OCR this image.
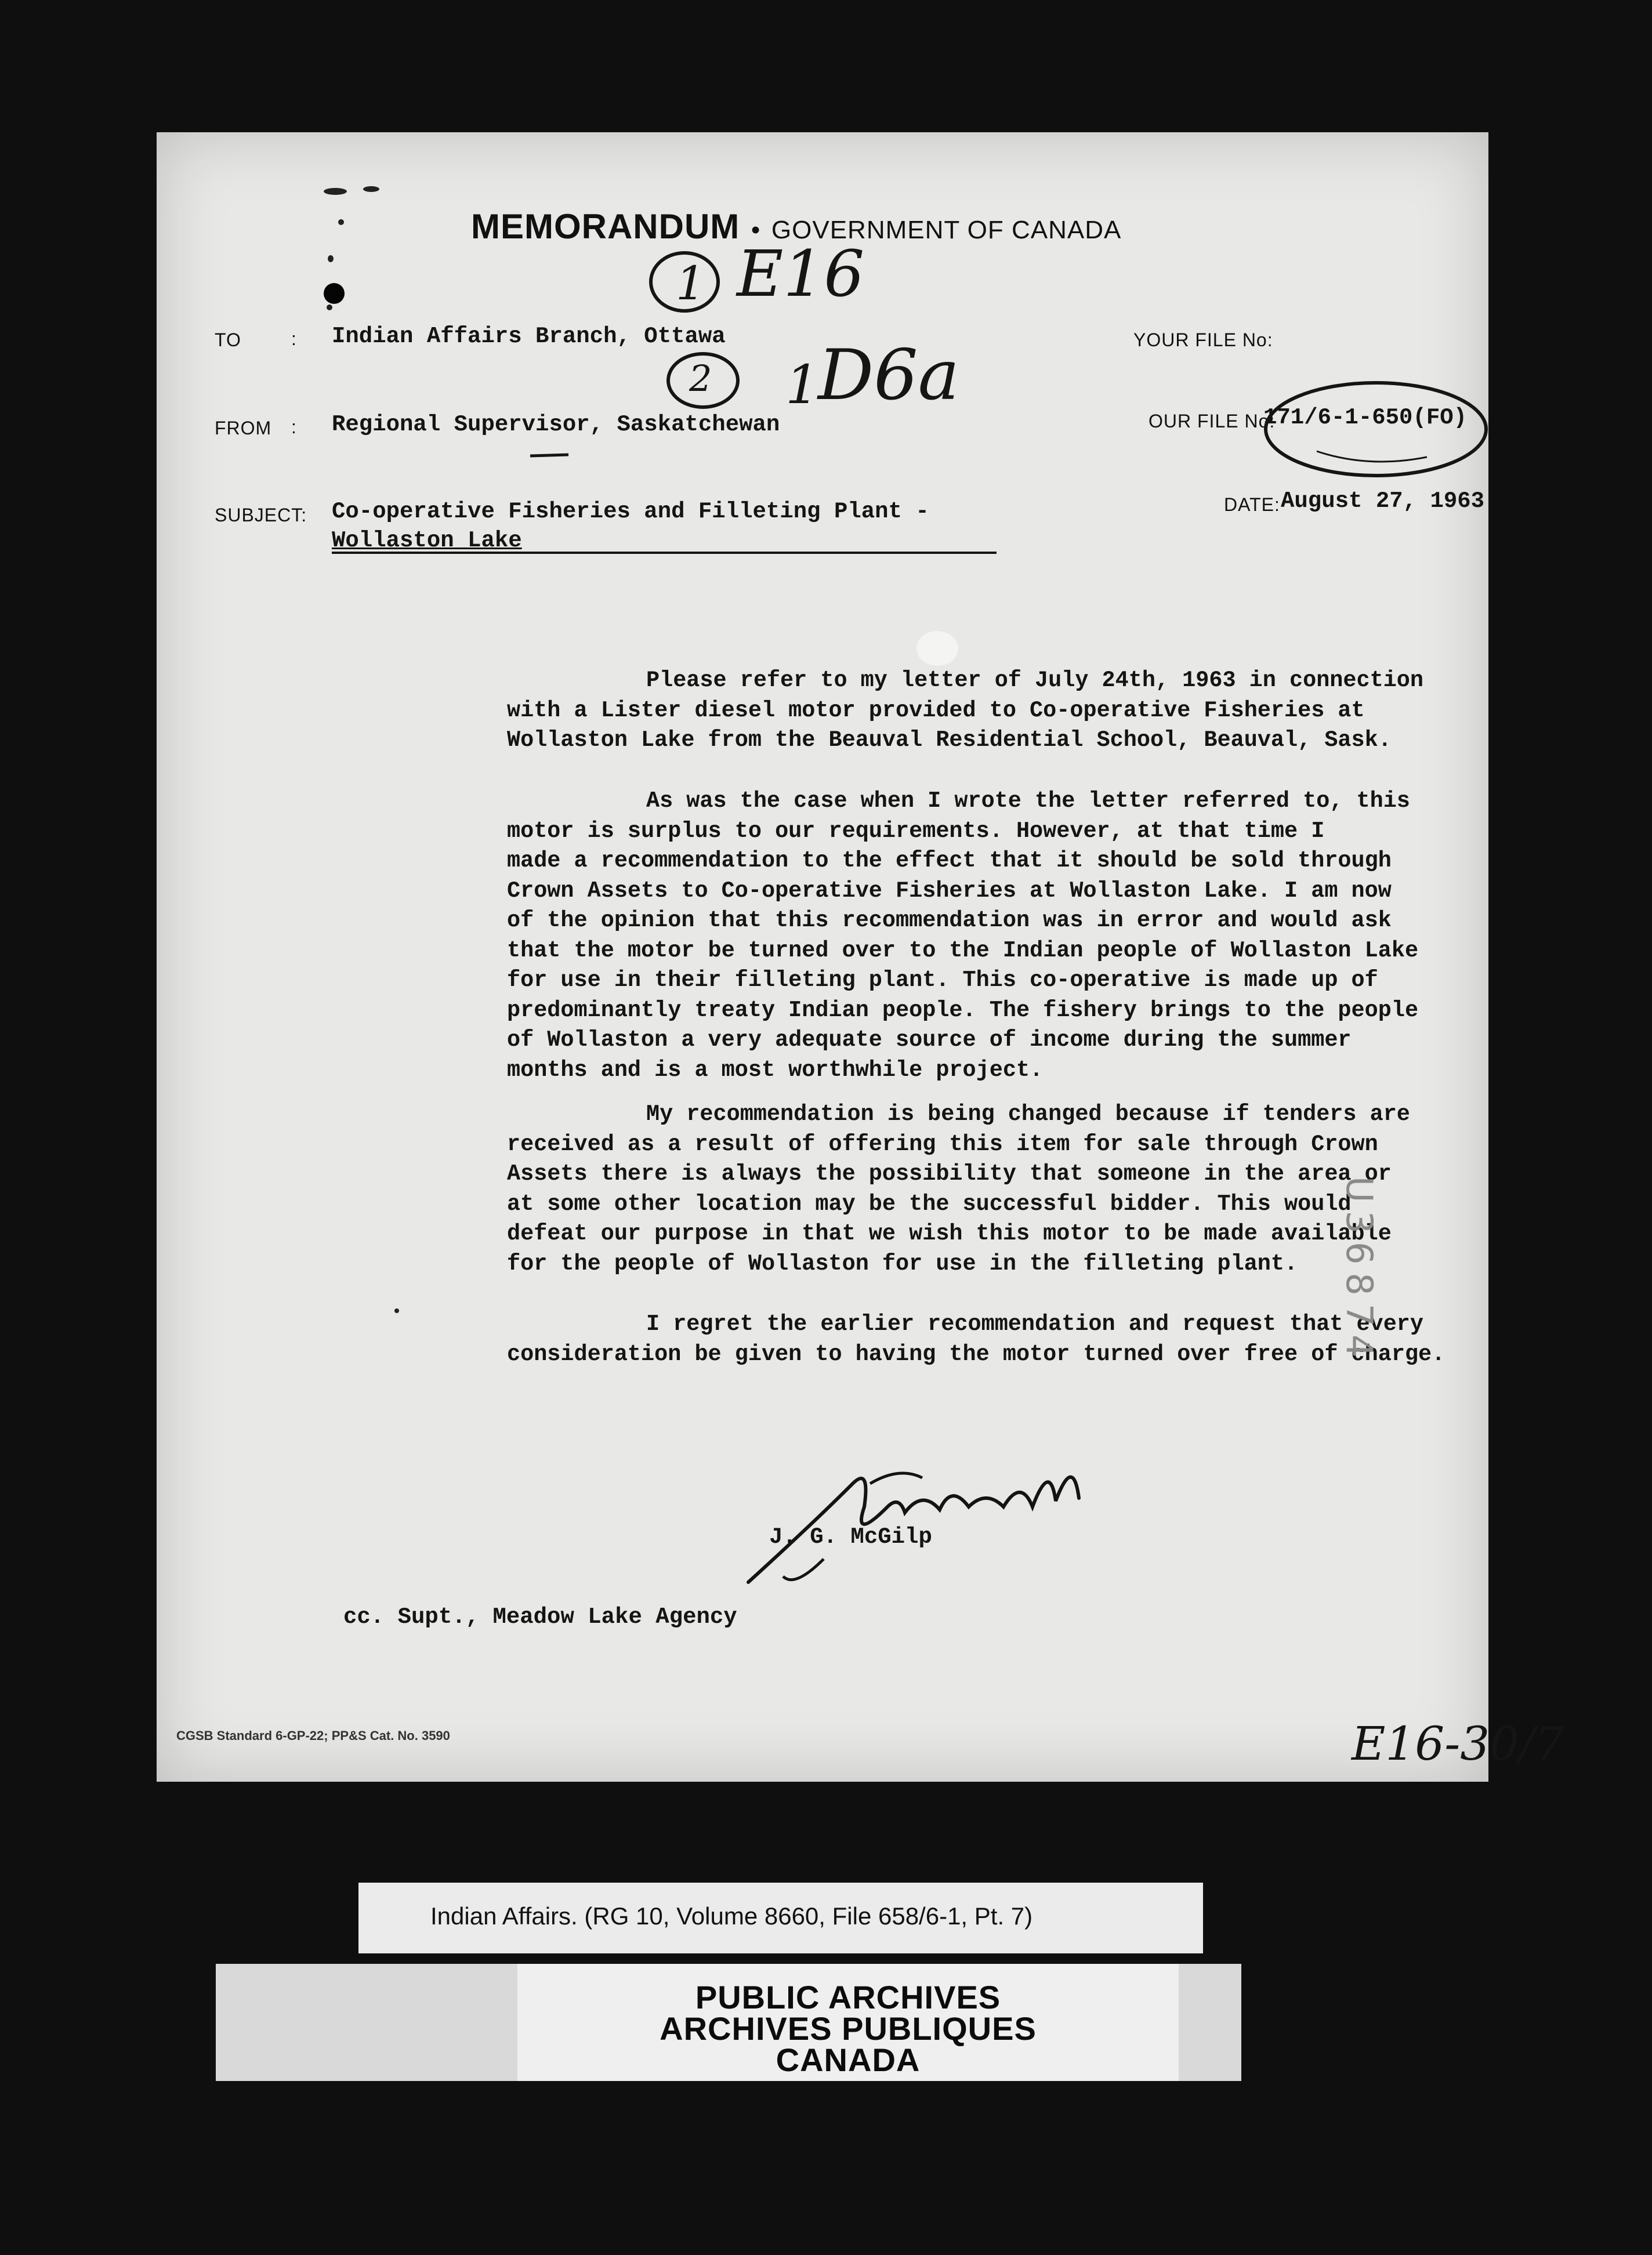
MEMORANDUM • GOVERNMENT OF CANADA
1 E16
2 1
D6a
TO	: Indian Affairs Branch, Ottawa
FROM : Regional Supervisor, Saskatchewan
SUBJECT: Co-operative Fisheries and Filleting Plant -
Wollaston Lake
YOUR FILE No:
OUR FILE No:
171/6-1-650(FO)
DATE: August 27, 1963

Please refer to my letter of July 24th, 1963 in connection
with a Lister diesel motor provided to Co-operative Fisheries at
Wollaston Lake from the Beauval Residential School, Beauval, Sask.

As was the case when I wrote the letter referred to, this
motor is surplus to our requirements. However, at that time I
made a recommendation to the effect that it should be sold through
Crown Assets to Co-operative Fisheries at Wollaston Lake. I am now
of the opinion that this recommendation was in error and would ask
that the motor be turned over to the Indian people of Wollaston Lake
for use in their filleting plant. This co-operative is made up of
predominantly treaty Indian people. The fishery brings to the people
of Wollaston a very adequate source of income during the summer
months and is a most worthwhile project.

My recommendation is being changed because if tenders are
received as a result of offering this item for sale through Crown
Assets there is always the possibility that someone in the area or
at some other location may be the successful bidder. This would
defeat our purpose in that we wish this motor to be made available
for the people of Wollaston for use in the filleting plant.

I regret the earlier recommendation and request that every
consideration be given to having the motor turned over free of charge.

U36874
J. G. McGilp
cc. Supt., Meadow Lake Agency
CGSB Standard 6-GP-22; PP&S Cat. No. 3590	E16-30/7
Indian Affairs. (RG 10, Volume 8660, File 658/6-1, Pt. 7)
PUBLIC ARCHIVES
ARCHIVES PUBLIQUES
CANADA
